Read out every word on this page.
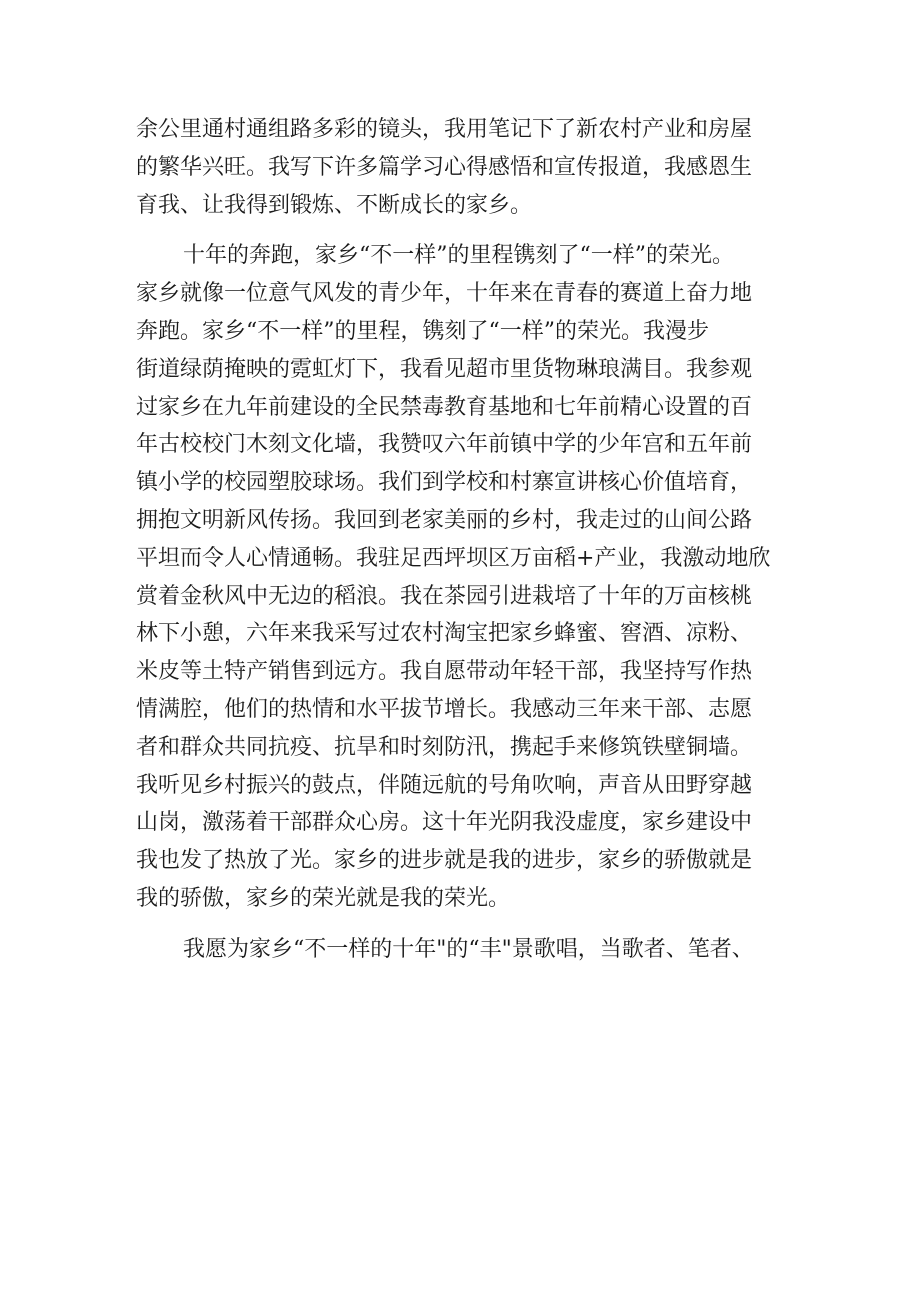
余公里通村通组路多彩的镜头，我用笔记下了新农村产业和房屋
的繁华兴旺。我写下许多篇学习心得感悟和宣传报道，我感恩生
育我、让我得到锻炼、不断成长的家乡。
十年的奔跑，家乡“不一样”的里程镌刻了“一样”的荣光。
家乡就像一位意气风发的青少年，十年来在青春的赛道上奋力地
奔跑。家乡“不一样”的里程，镌刻了“一样”的荣光。我漫步
街道绿荫掩映的霓虹灯下，我看见超市里货物琳琅满目。我参观
过家乡在九年前建设的全民禁毒教育基地和七年前精心设置的百
年古校校门木刻文化墙，我赞叹六年前镇中学的少年宫和五年前
镇小学的校园塑胶球场。我们到学校和村寨宣讲核心价值培育，
拥抱文明新风传扬。我回到老家美丽的乡村，我走过的山间公路
平坦而令人心情通畅。我驻足西坪坝区万亩稻+产业，我激动地欣
赏着金秋风中无边的稻浪。我在茶园引进栽培了十年的万亩核桃
林下小憩，六年来我采写过农村淘宝把家乡蜂蜜、窖酒、凉粉、
米皮等土特产销售到远方。我自愿带动年轻干部，我坚持写作热
情满腔，他们的热情和水平拔节增长。我感动三年来干部、志愿
者和群众共同抗疫、抗旱和时刻防汛，携起手来修筑铁壁铜墙。
我听见乡村振兴的鼓点，伴随远航的号角吹响，声音从田野穿越
山岗，激荡着干部群众心房。这十年光阴我没虚度，家乡建设中
我也发了热放了光。家乡的进步就是我的进步，家乡的骄傲就是
我的骄傲，家乡的荣光就是我的荣光。
我愿为家乡“不一样的十年"的“丰"景歌唱，当歌者、笔者、
